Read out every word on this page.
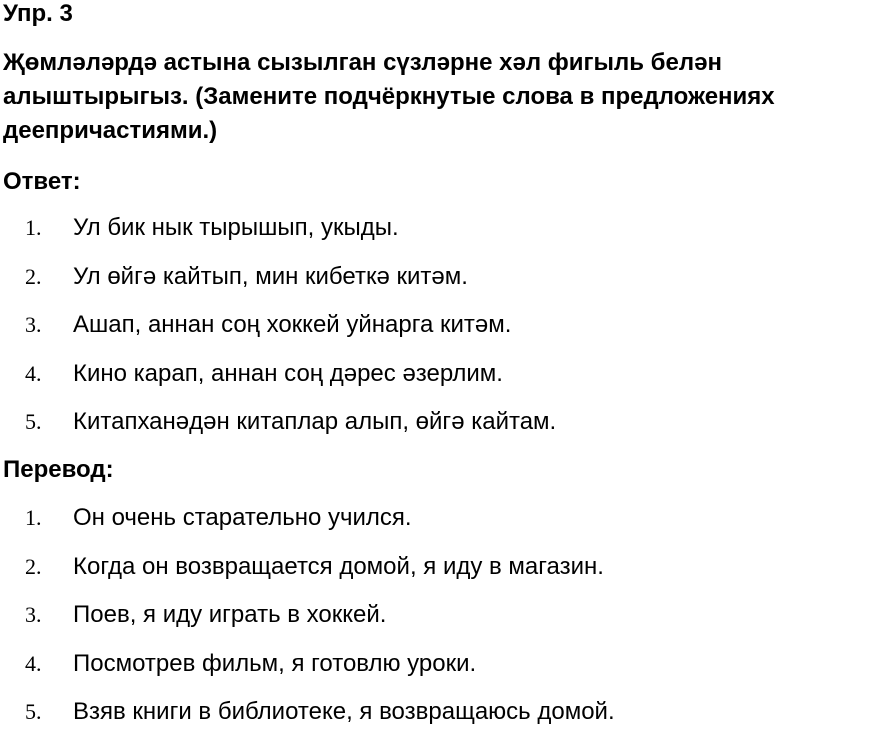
Упр. 3

Җөмләләрдә астына сызылган сүзләрне хәл фигыль белән
алыштырыгыз. (Замените подчёркнутые слова в предложениях
деепричастиями.)

Ответ:
1. Ул бик нык тырышып, укыды.
2. Ул өйгә кайтып, мин кибеткә китәм.
3. Ашап, аннан соң хоккей уйнарга китәм.
4. Кино карап, аннан соң дәрес әзерлим.
5. Китапханәдән китаплар алып, өйгә кайтам.
Перевод:
1. Он очень старательно учился.
2. Когда он возвращается домой, я иду в магазин.
3. Поев, я иду играть в хоккей.
4. Посмотрев фильм, я готовлю уроки.
5. Взяв книги в библиотеке, я возвращаюсь домой.
